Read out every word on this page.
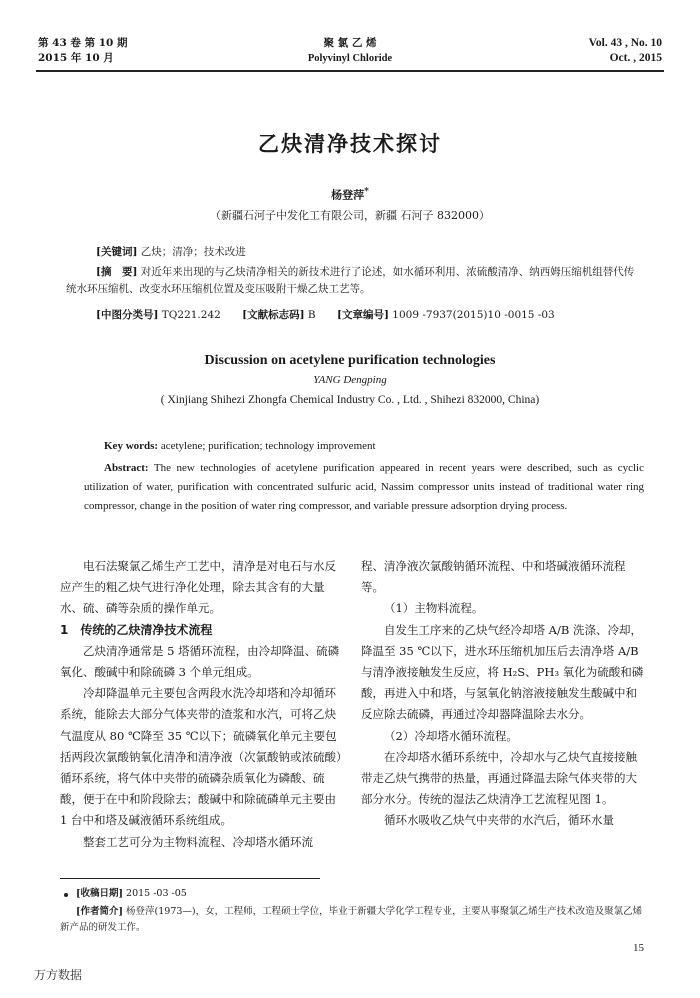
第 43 卷 第 10 期
2015 年 10 月
聚 氯 乙 烯
Polyvinyl Chloride
Vol. 43 , No. 10
Oct. , 2015
乙炔清净技术探讨
杨登萍*
（新疆石河子中发化工有限公司，新疆 石河子 832000）
[关键词] 乙炔；清净；技术改进
[摘　要] 对近年来出现的与乙炔清净相关的新技术进行了论述，如水循环利用、浓硫酸清净、纳西姆压缩机组替代传统水环压缩机、改变水环压缩机位置及变压吸附干燥乙炔工艺等。
[中图分类号] TQ221.242 [文献标志码] B [文章编号] 1009 -7937(2015)10 -0015 -03
Discussion on acetylene purification technologies
YANG Dengping
( Xinjiang Shihezi Zhongfa Chemical Industry Co. , Ltd. , Shihezi 832000, China)
Key words: acetylene; purification; technology improvement
Abstract: The new technologies of acetylene purification appeared in recent years were described, such as cyclic utilization of water, purification with concentrated sulfuric acid, Nassim compressor units instead of traditional water ring compressor, change in the position of water ring compressor, and variable pressure adsorption drying process.

电石法聚氯乙烯生产工艺中，清净是对电石与水反应产生的粗乙炔气进行净化处理，除去其含有的大量水、硫、磷等杂质的操作单元。

1　传统的乙炔清净技术流程

乙炔清净通常是 5 塔循环流程，由冷却降温、硫磷氧化、酸碱中和除硫磷 3 个单元组成。

冷却降温单元主要包含两段水洗冷却塔和冷却循环系统，能除去大部分气体夹带的渣浆和水汽，可将乙炔气温度从 80 ℃降至 35 ℃以下；硫磷氧化单元主要包括两段次氯酸钠氧化清净和清净液（次氯酸钠或浓硫酸）循环系统，将气体中夹带的硫磷杂质氧化为磷酸、硫酸，便于在中和阶段除去；酸碱中和除硫磷单元主要由 1 台中和塔及碱液循环系统组成。

整套工艺可分为主物料流程、冷却塔水循环流

程、清净液次氯酸钠循环流程、中和塔碱液循环流程等。

（1）主物料流程。

自发生工序来的乙炔气经冷却塔 A/B 洗涤、冷却，降温至 35 ℃以下，进水环压缩机加压后去清净塔 A/B 与清净液接触发生反应，将 H₂S、PH₃ 氧化为硫酸和磷酸，再进入中和塔，与氢氧化钠溶液接触发生酸碱中和反应除去硫磷，再通过冷却器降温除去水分。

（2）冷却塔水循环流程。

在冷却塔水循环系统中，冷却水与乙炔气直接接触带走乙炔气携带的热量，再通过降温去除气体夹带的大部分水分。传统的湿法乙炔清净工艺流程见图 1。

循环水吸收乙炔气中夹带的水汽后，循环水量

[收稿日期] 2015 -03 -05
[作者简介] 杨登萍(1973—)，女，工程师，工程硕士学位，毕业于新疆大学化学工程专业，主要从事聚氯乙烯生产技术改造及聚氯乙烯新产品的研发工作。
15
万方数据
